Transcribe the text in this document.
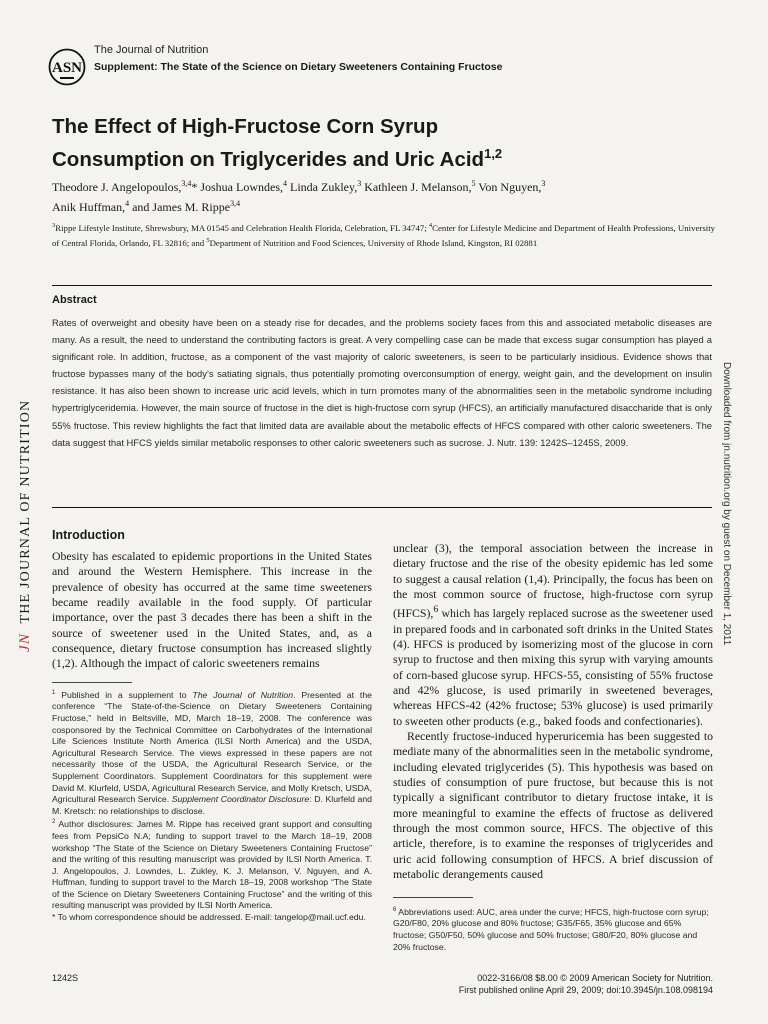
ASN
The Journal of Nutrition
Supplement: The State of the Science on Dietary Sweeteners Containing Fructose
The Effect of High-Fructose Corn Syrup
Consumption on Triglycerides and Uric Acid$^{1,2}$
Theodore J. Angelopoulos,$^{3,4}$* Joshua Lowndes,$^4$ Linda Zukley,$^3$ Kathleen J. Melanson,$^5$ Von Nguyen,$^3$
Anik Huffman,$^4$ and James M. Rippe$^{3,4}$
$^3$Rippe Lifestyle Institute, Shrewsbury, MA 01545 and Celebration Health Florida, Celebration, FL 34747; $^4$Center for Lifestyle Medicine and Department of Health Professions, University of Central Florida, Orlando, FL 32816; and $^5$Department of Nutrition and Food Sciences, University of Rhode Island, Kingston, RI 02881
Abstract
Rates of overweight and obesity have been on a steady rise for decades, and the problems society faces from this and associated metabolic diseases are many. As a result, the need to understand the contributing factors is great. A very compelling case can be made that excess sugar consumption has played a significant role. In addition, fructose, as a component of the vast majority of caloric sweeteners, is seen to be particularly insidious. Evidence shows that fructose bypasses many of the body’s satiating signals, thus potentially promoting overconsumption of energy, weight gain, and the development on insulin resistance. It has also been shown to increase uric acid levels, which in turn promotes many of the abnormalities seen in the metabolic syndrome including hypertriglyceridemia. However, the main source of fructose in the diet is high-fructose corn syrup (HFCS), an artificially manufactured disaccharide that is only 55% fructose. This review highlights the fact that limited data are available about the metabolic effects of HFCS compared with other caloric sweeteners. The data suggest that HFCS yields similar metabolic responses to other caloric sweeteners such as sucrose. J. Nutr. 139: 1242S–1245S, 2009.
JN  THE JOURNAL OF NUTRITION	Downloaded from jn.nutrition.org by guest on December 1, 2011
Introduction

Obesity has escalated to epidemic proportions in the United States and around the Western Hemisphere. This increase in the prevalence of obesity has occurred at the same time sweeteners became readily available in the food supply. Of particular importance, over the past 3 decades there has been a shift in the source of sweetener used in the United States, and, as a consequence, dietary fructose consumption has increased slightly (1,2). Although the impact of caloric sweeteners remains

unclear (3), the temporal association between the increase in dietary fructose and the rise of the obesity epidemic has led some to suggest a causal relation (1,4). Principally, the focus has been on the most common source of fructose, high-fructose corn syrup (HFCS),$^6$ which has largely replaced sucrose as the sweetener used in prepared foods and in carbonated soft drinks in the United States (4). HFCS is produced by isomerizing most of the glucose in corn syrup to fructose and then mixing this syrup with varying amounts of corn-based glucose syrup. HFCS-55, consisting of 55% fructose and 42% glucose, is used primarily in sweetened beverages, whereas HFCS-42 (42% fructose; 53% glucose) is used primarily to sweeten other products (e.g., baked foods and confectionaries).

Recently fructose-induced hyperuricemia has been suggested to mediate many of the abnormalities seen in the metabolic syndrome, including elevated triglycerides (5). This hypothesis was based on studies of consumption of pure fructose, but because this is not typically a significant contributor to dietary fructose intake, it is more meaningful to examine the effects of fructose as delivered through the most common source, HFCS. The objective of this article, therefore, is to examine the responses of triglycerides and uric acid following consumption of HFCS. A brief discussion of metabolic derangements caused

$^1$ Published in a supplement to The Journal of Nutrition. Presented at the conference “The State-of-the-Science on Dietary Sweeteners Containing Fructose,” held in Beltsville, MD, March 18–19, 2008. The conference was cosponsored by the Technical Committee on Carbohydrates of the International Life Sciences Institute North America (ILSI North America) and the USDA, Agricultural Research Service. The views expressed in these papers are not necessarily those of the USDA, the Agricultural Research Service, or the Supplement Coordinators. Supplement Coordinators for this supplement were David M. Klurfeld, USDA, Agricultural Research Service, and Molly Kretsch, USDA, Agricultural Research Service. Supplement Coordinator Disclosure: D. Klurfeld and M. Kretsch: no relationships to disclose.

$^2$ Author disclosures: James M. Rippe has received grant support and consulting fees from PepsiCo N.A; funding to support travel to the March 18–19, 2008 workshop “The State of the Science on Dietary Sweeteners Containing Fructose” and the writing of this resulting manuscript was provided by ILSI North America. T. J. Angelopoulos, J. Lowndes, L. Zukley, K. J. Melanson, V. Nguyen, and A. Huffman, funding to support travel to the March 18–19, 2008 workshop “The State of the Science on Dietary Sweeteners Containing Fructose” and the writing of this resulting manuscript was provided by ILSI North America.

* To whom correspondence should be addressed. E-mail: tangelop@mail.ucf.edu.

$^6$ Abbreviations used: AUC, area under the curve; HFCS, high-fructose corn syrup; G20/F80, 20% glucose and 80% fructose; G35/F65, 35% glucose and 65% fructose; G50/F50, 50% glucose and 50% fructose; G80/F20, 80% glucose and 20% fructose.
1242S	0022-3166/08 $8.00 © 2009 American Society for Nutrition.
First published online April 29, 2009; doi:10.3945/jn.108.098194
